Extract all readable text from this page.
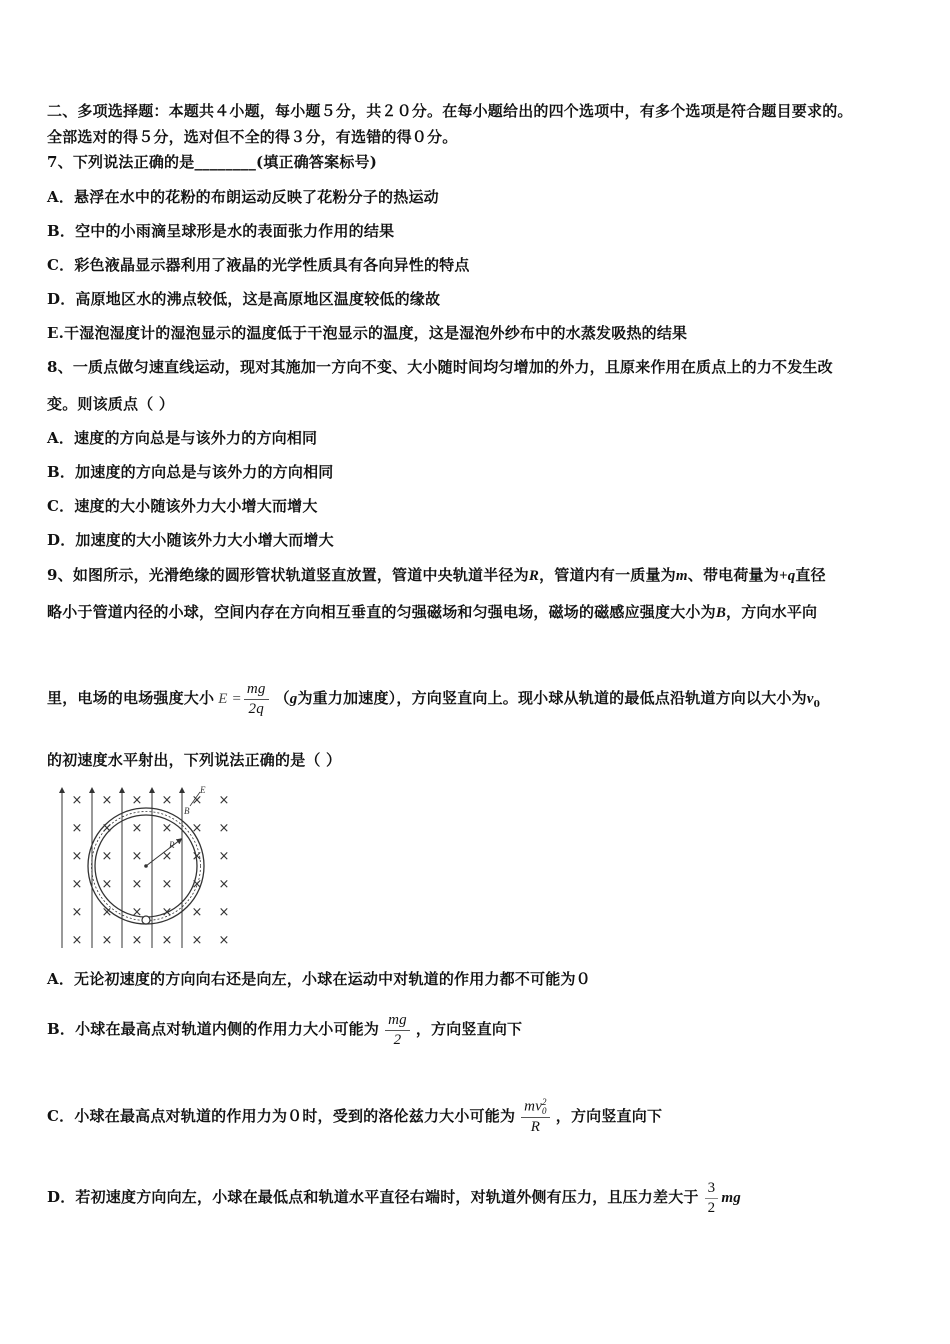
二、多项选择题：本题共４小题，每小题５分，共２０分。在每小题给出的四个选项中，有多个选项是符合题目要求的。
全部选对的得５分，选对但不全的得３分，有选错的得０分。
7、下列说法正确的是________(填正确答案标号)
A．悬浮在水中的花粉的布朗运动反映了花粉分子的热运动
B．空中的小雨滴呈球形是水的表面张力作用的结果
C．彩色液晶显示器利用了液晶的光学性质具有各向异性的特点
D．高原地区水的沸点较低，这是高原地区温度较低的缘故
E.干湿泡湿度计的湿泡显示的温度低于干泡显示的温度，这是湿泡外纱布中的水蒸发吸热的结果
8、一质点做匀速直线运动，现对其施加一方向不变、大小随时间均匀增加的外力，且原来作用在质点上的力不发生改
变。则该质点（ ）
A．速度的方向总是与该外力的方向相同
B．加速度的方向总是与该外力的方向相同
C．速度的大小随该外力大小增大而增大
D．加速度的大小随该外力大小增大而增大
9、如图所示，光滑绝缘的圆形管状轨道竖直放置，管道中央轨道半径为R，管道内有一质量为m、带电荷量为+q直径
略小于管道内径的小球，空间内存在方向相互垂直的匀强磁场和匀强电场，磁场的磁感应强度大小为B，方向水平向
里，电场的电场强度大小 $E = \frac{mg}{2q} (g$为重力加速度），方向竖直向上。现小球从轨道的最低点沿轨道方向以大小为$v_0$
的初速度水平射出，下列说法正确的是（ ）
× × × × × ×
× × × × × ×
× × × × × ×
× × × × × ×
× × × × × ×
× × × × × ×
R
E
B
A．无论初速度的方向向右还是向左，小球在运动中对轨道的作用力都不可能为０
B．小球在最高点对轨道内侧的作用力大小可能为 $\frac{mg}{2}$ ，方向竖直向下
C．小球在最高点对轨道的作用力为０时，受到的洛伦兹力大小可能为 mv 2
0
R ，方向竖直向下
D．若初速度方向向左，小球在最低点和轨道水平直径右端时，对轨道外侧有压力，且压力差大于 $\frac{3}{2}$ mg
